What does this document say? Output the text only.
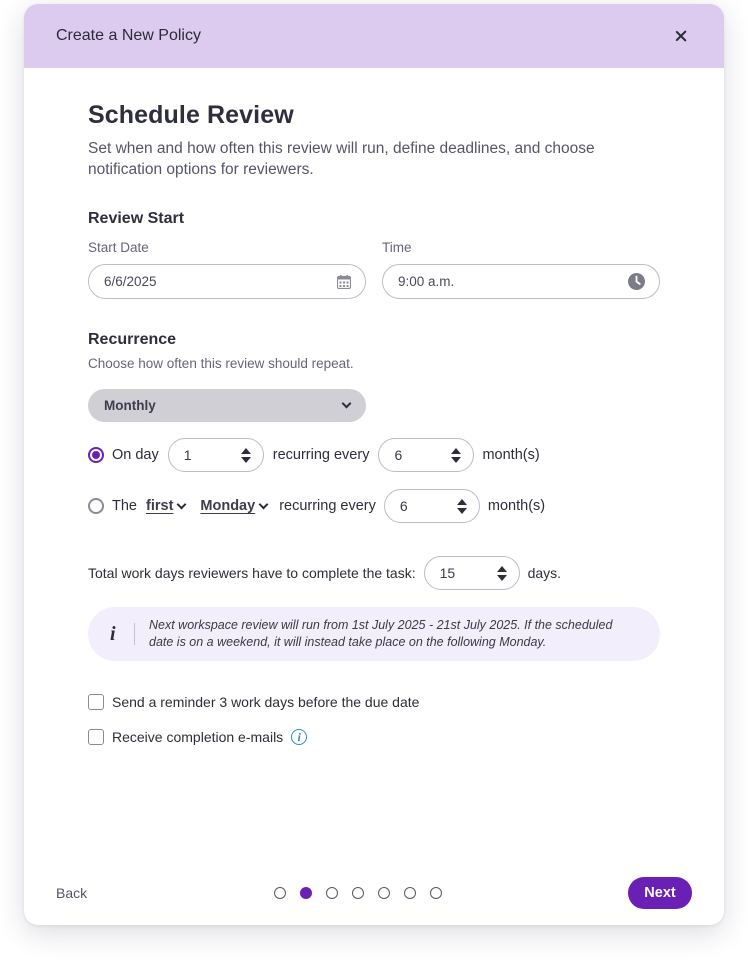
Create a New Policy
Schedule Review
Set when and how often this review will run, define deadlines, and choose notification options for reviewers.
Review Start
Start Date	Time
6/6/2025	9:00 a.m.
Recurrence
Choose how often this review should repeat.
Monthly
On day 1	recurring every 6	month(s)
The first Monday recurring every 6	month(s)
Total work days reviewers have to complete the task: 15	days.
i	Next workspace review will run from 1st July 2025 - 21st July 2025. If the scheduled
date is on a weekend, it will instead take place on the following Monday.
Send a reminder 3 work days before the due date
Receive completion e-mails	i
Back	Next
